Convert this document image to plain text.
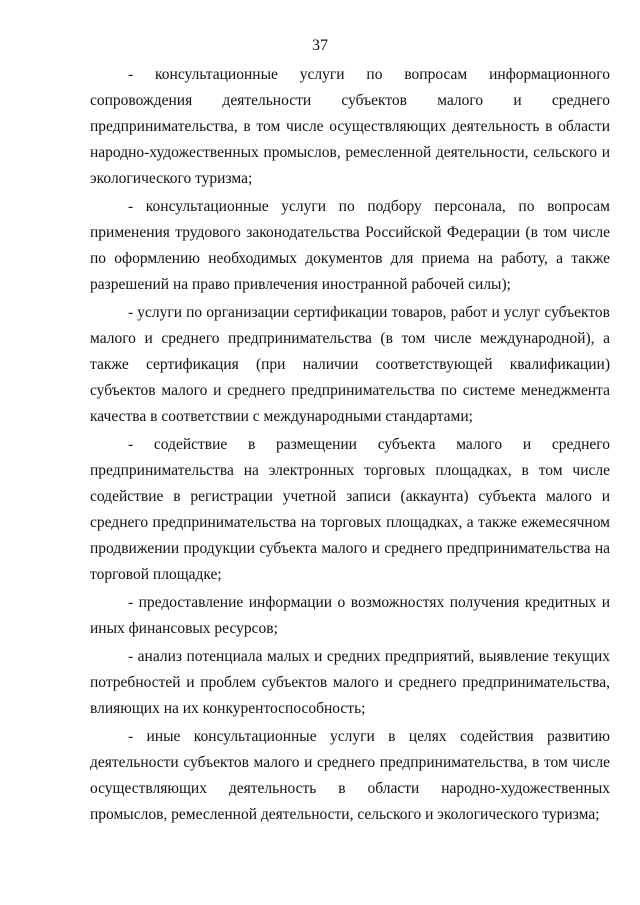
37

- консультационные услуги по вопросам информационного сопровождения деятельности субъектов малого и среднего предпринимательства, в том числе осуществляющих деятельность в области народно-художественных промыслов, ремесленной деятельности, сельского и экологического туризма;

- консультационные услуги по подбору персонала, по вопросам применения трудового законодательства Российской Федерации (в том числе по оформлению необходимых документов для приема на работу, а также разрешений на право привлечения иностранной рабочей силы);

- услуги по организации сертификации товаров, работ и услуг субъектов малого и среднего предпринимательства (в том числе международной), а также сертификация (при наличии соответствующей квалификации) субъектов малого и среднего предпринимательства по системе менеджмента качества в соответствии с международными стандартами;

- содействие в размещении субъекта малого и среднего предпринимательства на электронных торговых площадках, в том числе содействие в регистрации учетной записи (аккаунта) субъекта малого и среднего предпринимательства на торговых площадках, а также ежемесячном продвижении продукции субъекта малого и среднего предпринимательства на торговой площадке;

- предоставление информации о возможностях получения кредитных и иных финансовых ресурсов;

- анализ потенциала малых и средних предприятий, выявление текущих потребностей и проблем субъектов малого и среднего предпринимательства, влияющих на их конкурентоспособность;

- иные консультационные услуги в целях содействия развитию деятельности субъектов малого и среднего предпринимательства, в том числе осуществляющих деятельность в области народно-художественных промыслов, ремесленной деятельности, сельского и экологического туризма;
